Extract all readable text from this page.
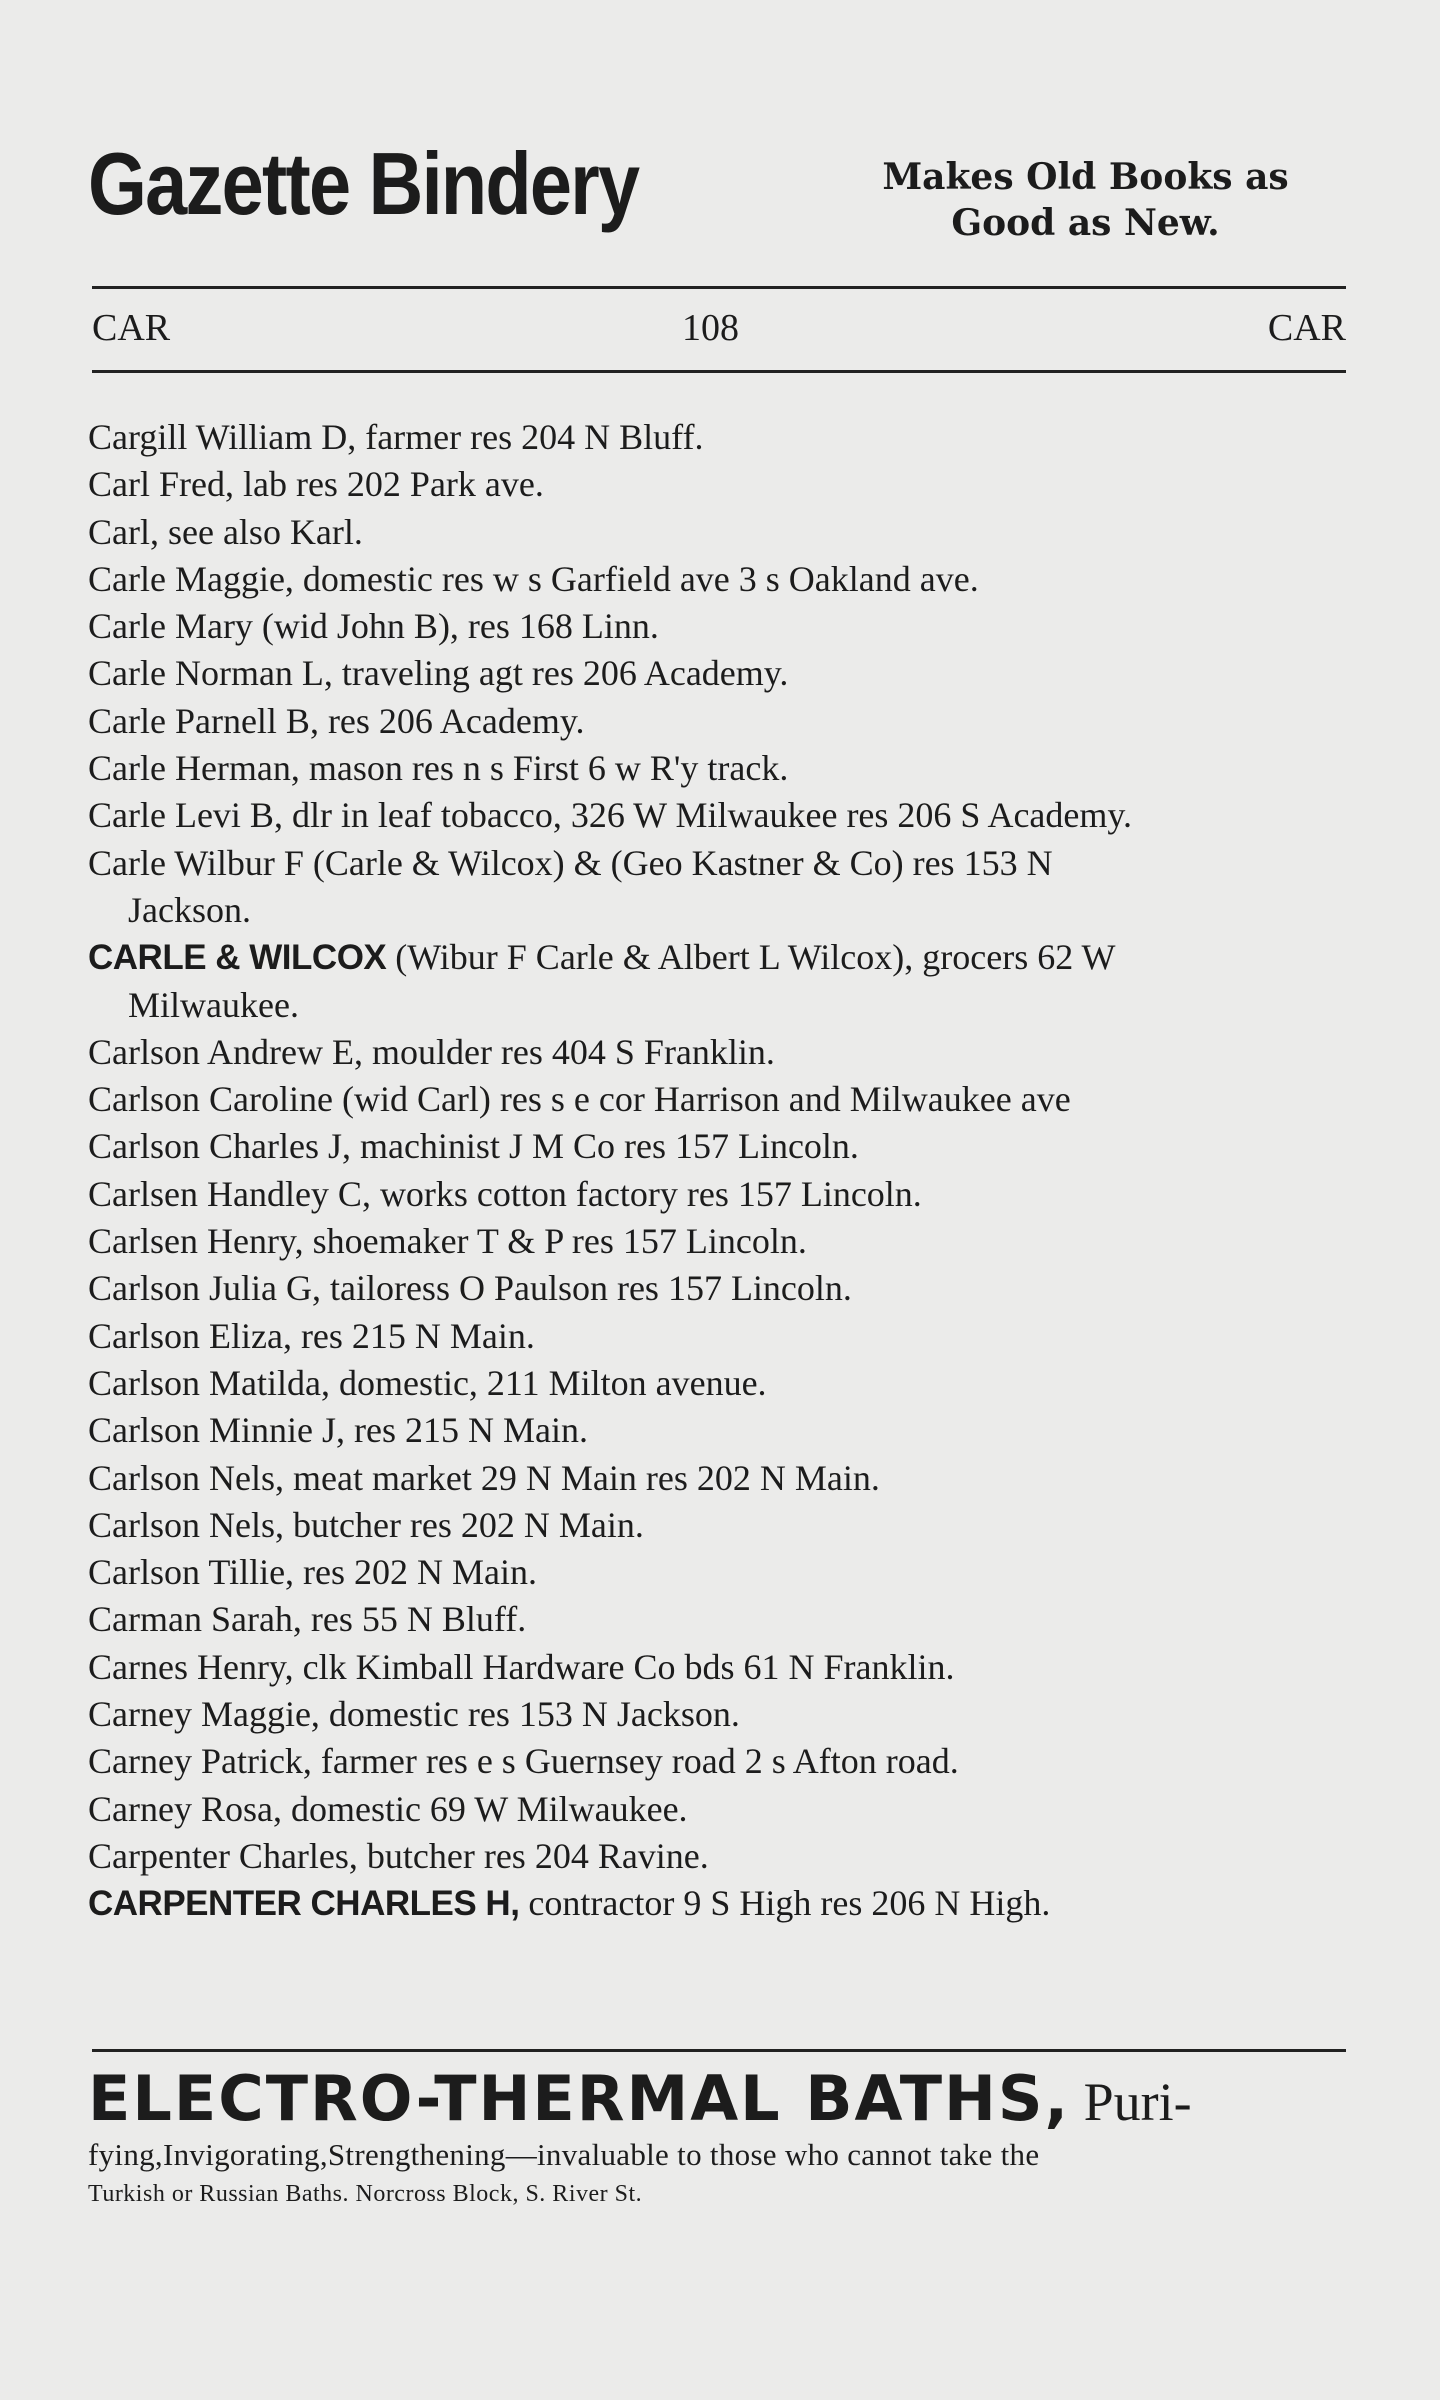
Gazette Bindery	Makes Old Books as
Good as New.
CAR	108	CAR
Cargill William D, farmer res 204 N Bluff.
Carl Fred, lab res 202 Park ave.
Carl, see also Karl.
Carle Maggie, domestic res w s Garfield ave 3 s Oakland ave.
Carle Mary (wid John B), res 168 Linn.
Carle Norman L, traveling agt res 206 Academy.
Carle Parnell B, res 206 Academy.
Carle Herman, mason res n s First 6 w R'y track.
Carle Levi B, dlr in leaf tobacco, 326 W Milwaukee res 206 S Academy.
Carle Wilbur F (Carle & Wilcox) & (Geo Kastner & Co) res 153 N
Jackson.
CARLE & WILCOX (Wibur F Carle & Albert L Wilcox), grocers 62 W
Milwaukee.
Carlson Andrew E, moulder res 404 S Franklin.
Carlson Caroline (wid Carl) res s e cor Harrison and Milwaukee ave
Carlson Charles J, machinist J M Co res 157 Lincoln.
Carlsen Handley C, works cotton factory res 157 Lincoln.
Carlsen Henry, shoemaker T & P res 157 Lincoln.
Carlson Julia G, tailoress O Paulson res 157 Lincoln.
Carlson Eliza, res 215 N Main.
Carlson Matilda, domestic, 211 Milton avenue.
Carlson Minnie J, res 215 N Main.
Carlson Nels, meat market 29 N Main res 202 N Main.
Carlson Nels, butcher res 202 N Main.
Carlson Tillie, res 202 N Main.
Carman Sarah, res 55 N Bluff.
Carnes Henry, clk Kimball Hardware Co bds 61 N Franklin.
Carney Maggie, domestic res 153 N Jackson.
Carney Patrick, farmer res e s Guernsey road 2 s Afton road.
Carney Rosa, domestic 69 W Milwaukee.
Carpenter Charles, butcher res 204 Ravine.
CARPENTER CHARLES H, contractor 9 S High res 206 N High.
ELECTRO-THERMAL BATHS, Puri-
fying,Invigorating,Strengthening—invaluable to those who cannot take the
Turkish or Russian Baths. Norcross Block, S. River St.
